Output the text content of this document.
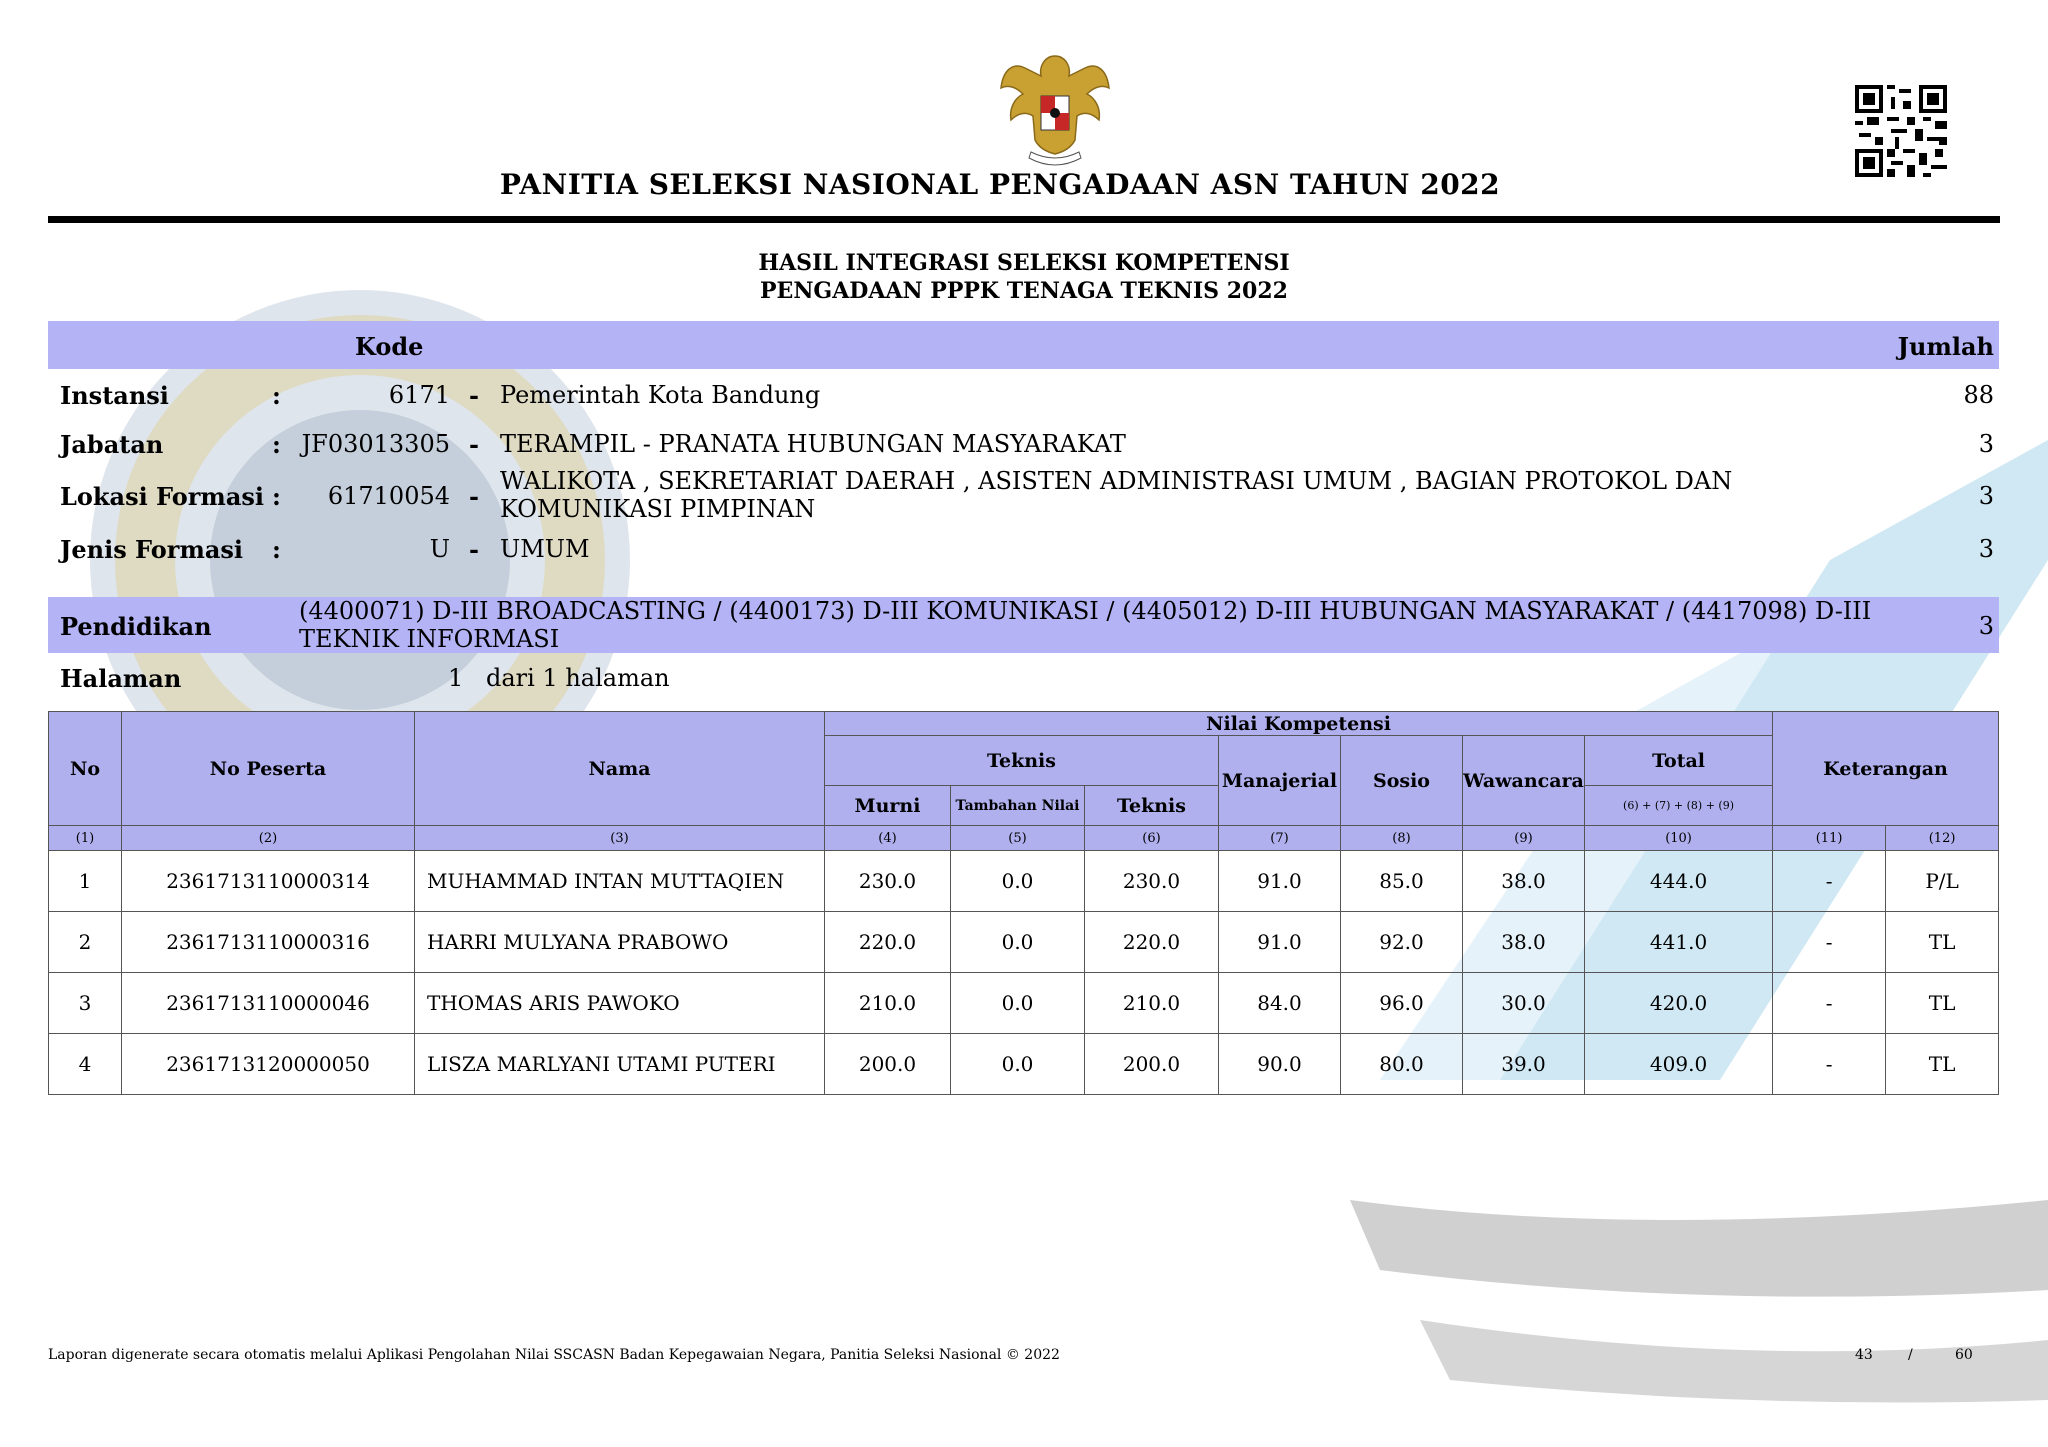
PANITIA SELEKSI NASIONAL PENGADAAN ASN TAHUN 2022
HASIL INTEGRASI SELEKSI KOMPETENSI
PENGADAAN PPPK TENAGA TEKNIS 2022
Kode	Jumlah
Instansi	:	6171 - Pemerintah Kota Bandung	88
Jabatan	: JF03013305 - TERAMPIL - PRANATA HUBUNGAN MASYARAKAT	3
Lokasi Formasi : 61710054 -
WALIKOTA , SEKRETARIAT DAERAH , ASISTEN ADMINISTRASI UMUM , BAGIAN PROTOKOL DAN KOMUNIKASI PIMPINAN	3
Jenis Formasi :	U - UMUM	3
Pendidikan
(4400071) D-III BROADCASTING / (4400173) D-III KOMUNIKASI / (4405012) D-III HUBUNGAN MASYARAKAT / (4417098) D-III TEKNIK INFORMASI	3
Halaman	1 dari 1 halaman
No	No Peserta	Nama	Nilai Kompetensi							Keterangan	
			Teknis			Manajerial	Sosio	Wawancara	Total		
			Murni	Tambahan Nilai	Teknis				(6) + (7) + (8) + (9)		
(1)	(2)	(3)	(4)	(5)	(6)	(7)	(8)	(9)	(10)	(11)	(12)
1	2361713110000314	MUHAMMAD INTAN MUTTAQIEN	230.0	0.0	230.0	91.0	85.0	38.0	444.0	-	P/L
2	2361713110000316	HARRI MULYANA PRABOWO	220.0	0.0	220.0	91.0	92.0	38.0	441.0	-	TL
3	2361713110000046	THOMAS ARIS PAWOKO	210.0	0.0	210.0	84.0	96.0	30.0	420.0	-	TL
4	2361713120000050	LISZA MARLYANI UTAMI PUTERI	200.0	0.0	200.0	90.0	80.0	39.0	409.0	-	TL
Laporan digenerate secara otomatis melalui Aplikasi Pengolahan Nilai SSCASN Badan Kepegawaian Negara, Panitia Seleksi Nasional © 2022	43	/	60
